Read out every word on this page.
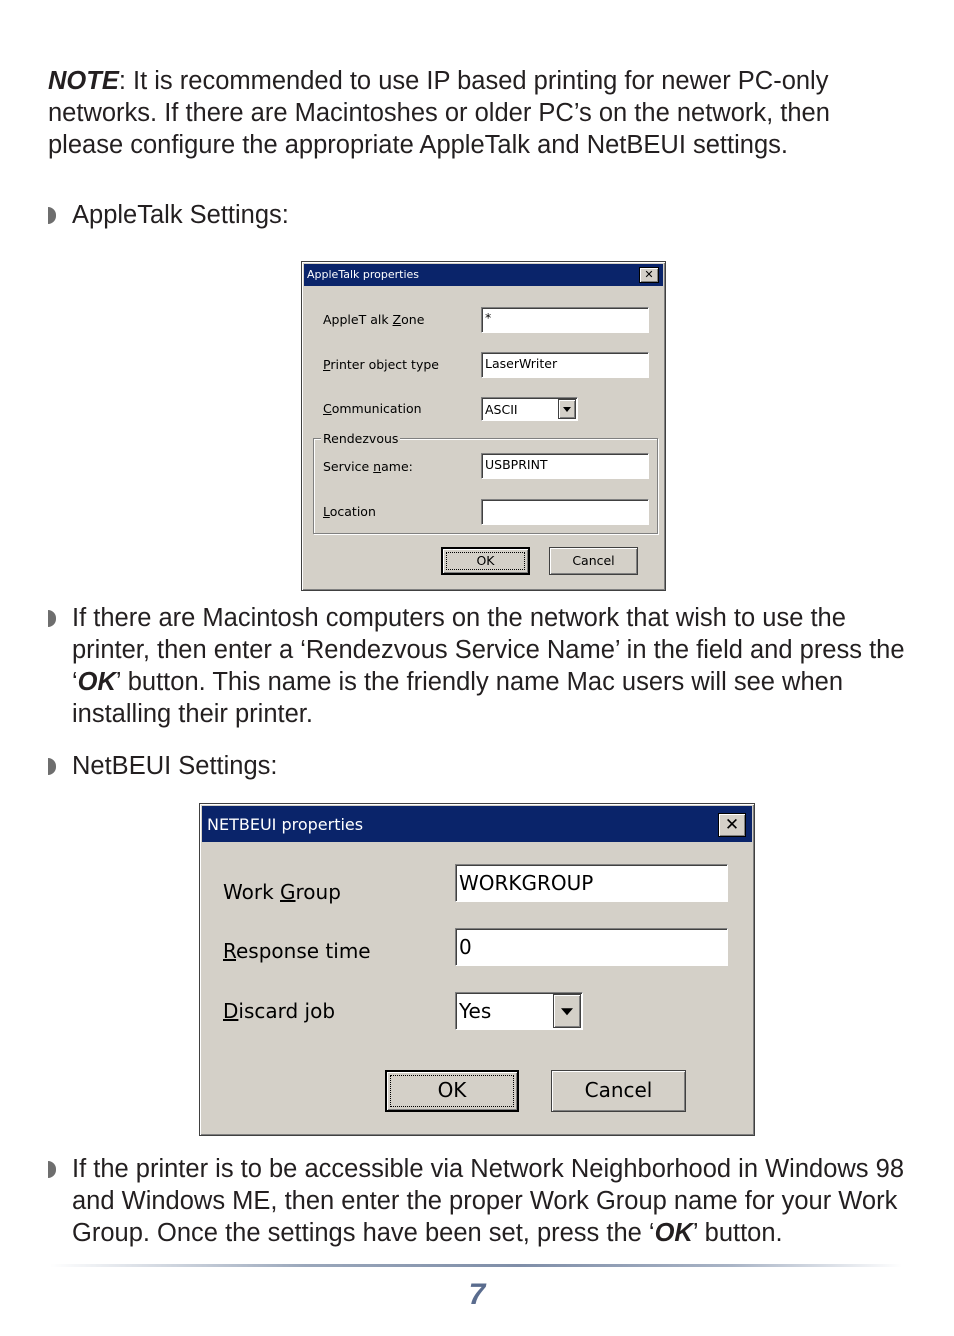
NOTE: It is recommended to use IP based printing for newer PC-only networks. If there are Macintoshes or older PC’s on the network, then please configure the appropriate AppleTalk and NetBEUI settings.

AppleTalk Settings:

AppleTalk properties	✕
AppleT alk Zone	*
Printer object type	LaserWriter
Communication	ASCII
Rendezvous
Service name:	USBPRINT
Location
OK	Cancel

If there are Macintosh computers on the network that wish to use the printer, then enter a ‘Rendezvous Service Name’ in the field and press the ‘OK’ button. This name is the friendly name Mac users will see when installing their printer.

NetBEUI Settings:

NETBEUI properties	✕
Work Group	WORKGROUP
Response time	0
Discard job	Yes
OK	Cancel

If the printer is to be accessible via Network Neighborhood in Windows 98 and Windows ME, then enter the proper Work Group name for your Work Group. Once the settings have been set, press the ‘OK’ button.

7
